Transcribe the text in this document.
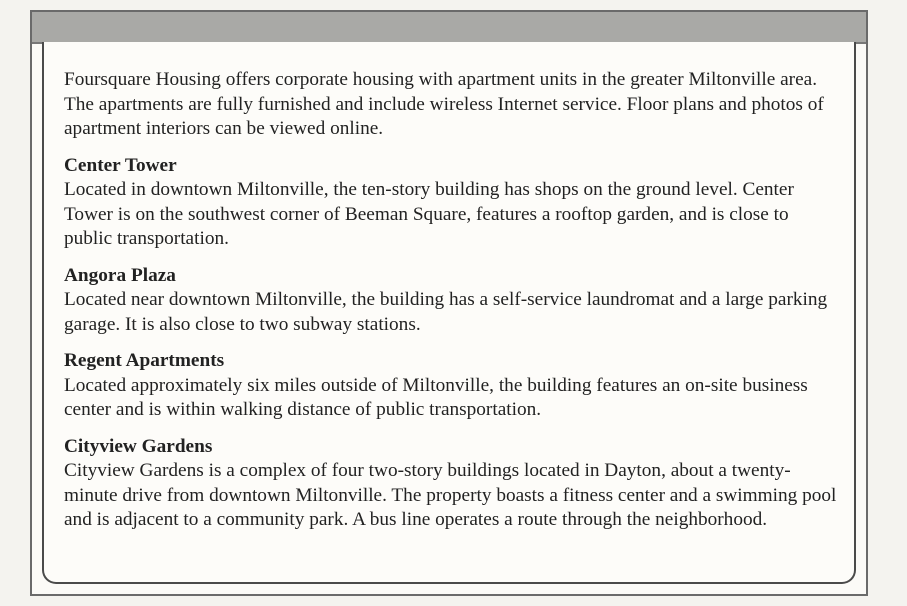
Foursquare Housing offers corporate housing with apartment units in the greater Miltonville area. The apartments are fully furnished and include wireless Internet service. Floor plans and photos of apartment interiors can be viewed online.

Center Tower

Located in downtown Miltonville, the ten-story building has shops on the ground level. Center Tower is on the southwest corner of Beeman Square, features a rooftop garden, and is close to public transportation.

Angora Plaza

Located near downtown Miltonville, the building has a self-service laundromat and a large parking garage. It is also close to two subway stations.

Regent Apartments

Located approximately six miles outside of Miltonville, the building features an on-site business center and is within walking distance of public transportation.

Cityview Gardens

Cityview Gardens is a complex of four two-story buildings located in Dayton, about a twenty-minute drive from downtown Miltonville. The property boasts a fitness center and a swimming pool and is adjacent to a community park. A bus line operates a route through the neighborhood.
